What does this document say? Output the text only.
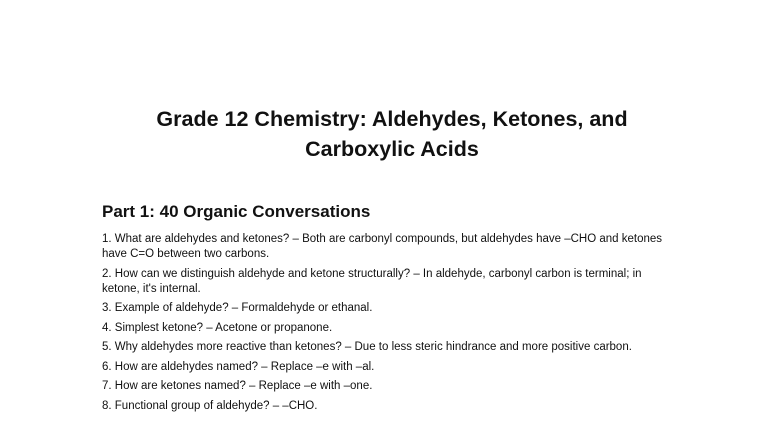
Grade 12 Chemistry: Aldehydes, Ketones, and
Carboxylic Acids
Part 1: 40 Organic Conversations
1. What are aldehydes and ketones? – Both are carbonyl compounds, but aldehydes have –CHO and ketones have C=O between two carbons.
2. How can we distinguish aldehyde and ketone structurally? – In aldehyde, carbonyl carbon is terminal; in ketone, it's internal.
3. Example of aldehyde? – Formaldehyde or ethanal.
4. Simplest ketone? – Acetone or propanone.
5. Why aldehydes more reactive than ketones? – Due to less steric hindrance and more positive carbon.
6. How are aldehydes named? – Replace –e with –al.
7. How are ketones named? – Replace –e with –one.
8. Functional group of aldehyde? – –CHO.
